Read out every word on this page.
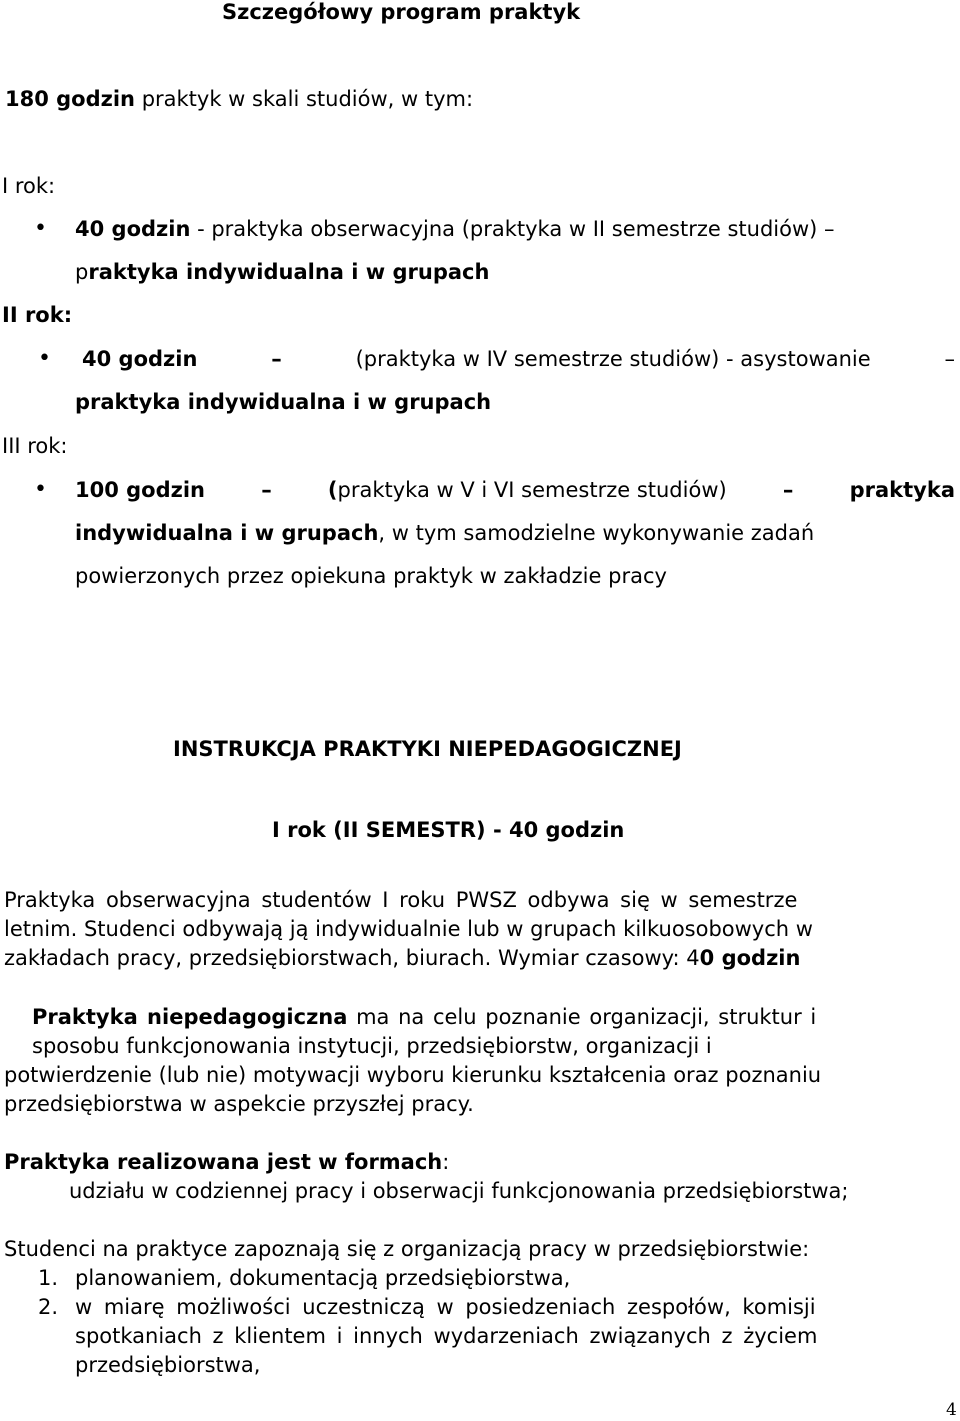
Szczegółowy program praktyk
180 godzin praktyk w skali studiów, w tym:
I rok:
• 40 godzin - praktyka obserwacyjna (praktyka w II semestrze studiów) –
praktyka indywidualna i w grupach
II rok:
• 40 godzin	–	(praktyka w IV semestrze studiów) - asystowanie	–
praktyka indywidualna i w grupach
III rok:
• 100 godzin	–	(praktyka w V i VI semestrze studiów)	–	praktyka
indywidualna i w grupach, w tym samodzielne wykonywanie zadań
powierzonych przez opiekuna praktyk w zakładzie pracy
INSTRUKCJA PRAKTYKI NIEPEDAGOGICZNEJ
I rok (II SEMESTR) - 40 godzin
Praktyka obserwacyjna studentów I roku PWSZ odbywa się w semestrze
letnim. Studenci odbywają ją indywidualnie lub w grupach kilkuosobowych w
zakładach pracy, przedsiębiorstwach, biurach. Wymiar czasowy: 40 godzin
Praktyka niepedagogiczna ma na celu poznanie organizacji, struktur i
sposobu funkcjonowania instytucji, przedsiębiorstw, organizacji i
potwierdzenie (lub nie) motywacji wyboru kierunku kształcenia oraz poznaniu
przedsiębiorstwa w aspekcie przyszłej pracy.
Praktyka realizowana jest w formach:
udziału w codziennej pracy i obserwacji funkcjonowania przedsiębiorstwa;
Studenci na praktyce zapoznają się z organizacją pracy w przedsiębiorstwie:
1. planowaniem, dokumentacją przedsiębiorstwa,
2. w miarę możliwości uczestniczą w posiedzeniach zespołów, komisji
spotkaniach z klientem i innych wydarzeniach związanych z życiem
przedsiębiorstwa,
4
